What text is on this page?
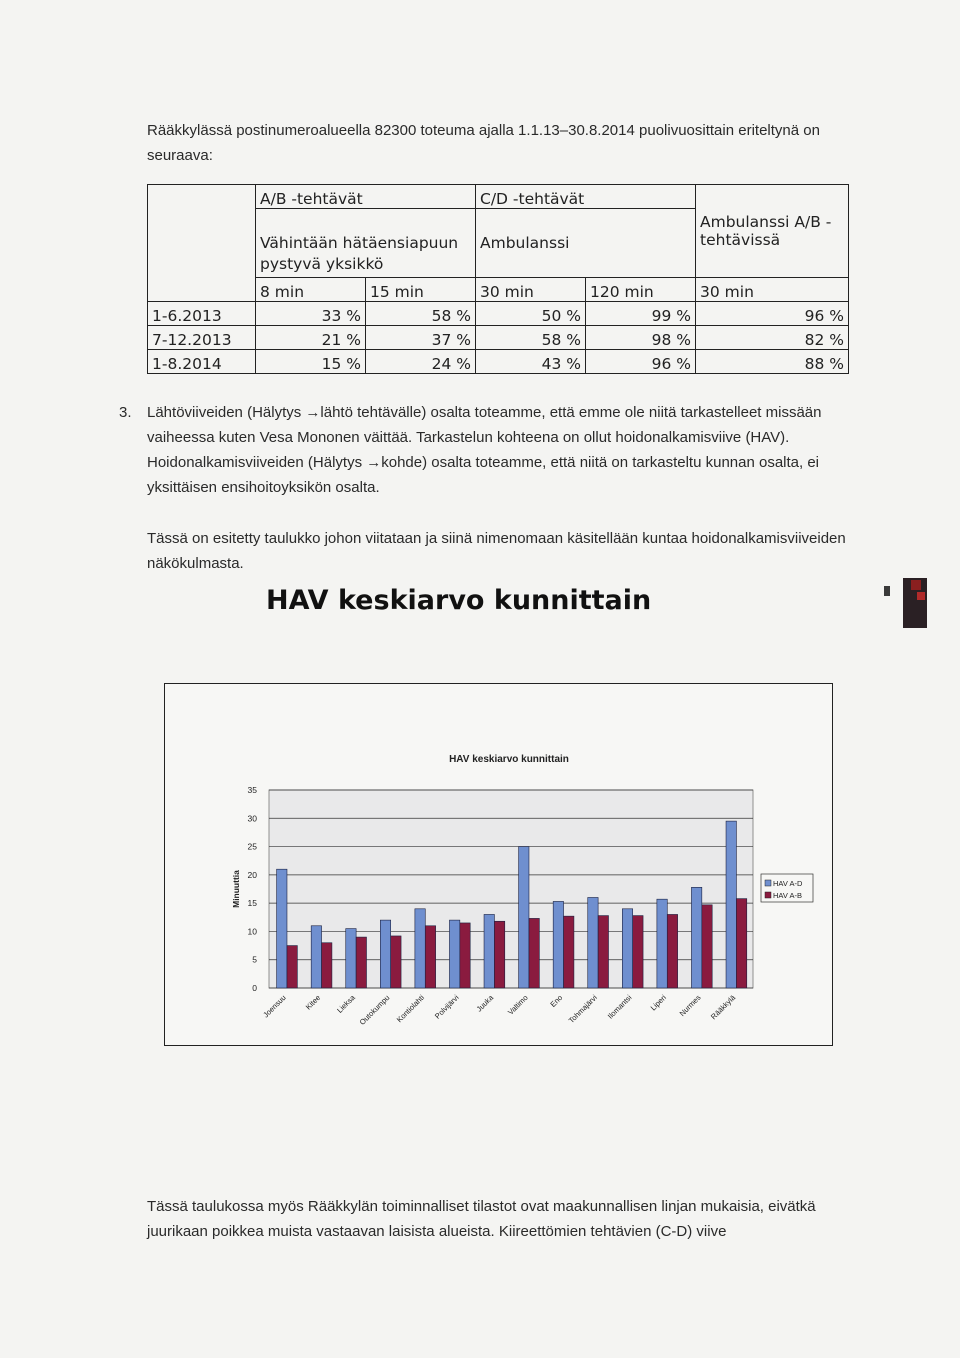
Rääkkylässä postinumeroalueella 82300 toteuma ajalla 1.1.13–30.8.2014 puolivuosittain eriteltynä on seuraava:

	A/B -tehtävät		C/D -tehtävät		Ambulanssi A/B -tehtävissä
	Vähintään hätäensiapuun pystyvä yksikkö		Ambulanssi		
	8 min	15 min	30 min	120 min	30 min
1-6.2013	33 %	58 %	50 %	99 %	96 %
7-12.2013	21 %	37 %	58 %	98 %	82 %
1-8.2014	15 %	24 %	43 %	96 %	88 %
3. Lähtöviiveiden (Hälytys →lähtö tehtävälle) osalta toteamme, että emme ole niitä tarkastelleet missään vaiheessa kuten Vesa Mononen väittää. Tarkastelun kohteena on ollut hoidonalkamisviive (HAV). Hoidonalkamisviiveiden (Hälytys →kohde) osalta toteamme, että niitä on tarkasteltu kunnan osalta, ei yksittäisen ensihoitoyksikön osalta.

Tässä on esitetty taulukko johon viitataan ja siinä nimenomaan käsitellään kuntaa hoidonalkamisviiveiden näkökulmasta.

HAV keskiarvo kunnittain
HAV keskiarvo kunnittain
0
5
10
15
20
25
30
35
Minuuttia
Joensuu Kitee Lieksa Outokumpu Kontiolahti Polvijärvi Juuka Valtimo	Eno Tohmajärvi Ilomantsi Liperi Nurmes Rääkkylä
HAV A-D
HAV A-B

Tässä taulukossa myös Rääkkylän toiminnalliset tilastot ovat maakunnallisen linjan mukaisia, eivätkä juurikaan poikkea muista vastaavan laisista alueista. Kiireettömien tehtävien (C-D) viive
